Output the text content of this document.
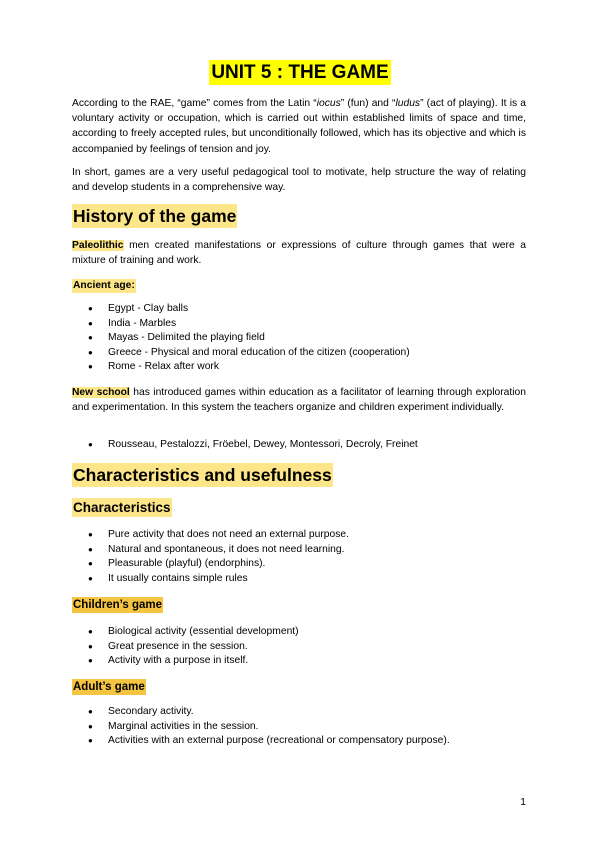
UNIT 5 : THE GAME

According to the RAE, “game” comes from the Latin “iocus” (fun) and “ludus” (act of playing). It is a voluntary activity or occupation, which is carried out within established limits of space and time, according to freely accepted rules, but unconditionally followed, which has its objective and which is accompanied by feelings of tension and joy.

In short, games are a very useful pedagogical tool to motivate, help structure the way of relating and develop students in a comprehensive way.

History of the game

Paleolithic men created manifestations or expressions of culture through games that were a mixture of training and work.

Ancient age:
● Egypt - Clay balls
● India - Marbles
● Mayas - Delimited the playing field
● Greece - Physical and moral education of the citizen (cooperation)
● Rome - Relax after work

New school has introduced games within education as a facilitator of learning through exploration and experimentation. In this system the teachers organize and children experiment individually.

● Rousseau, Pestalozzi, Fröebel, Dewey, Montessori, Decroly, Freinet
Characteristics and usefulness
Characteristics
● Pure activity that does not need an external purpose.
● Natural and spontaneous, it does not need learning.
● Pleasurable (playful) (endorphins).
● It usually contains simple rules
Children’s game
● Biological activity (essential development)
● Great presence in the session.
● Activity with a purpose in itself.
Adult’s game
● Secondary activity.
● Marginal activities in the session.
● Activities with an external purpose (recreational or compensatory purpose).
1
